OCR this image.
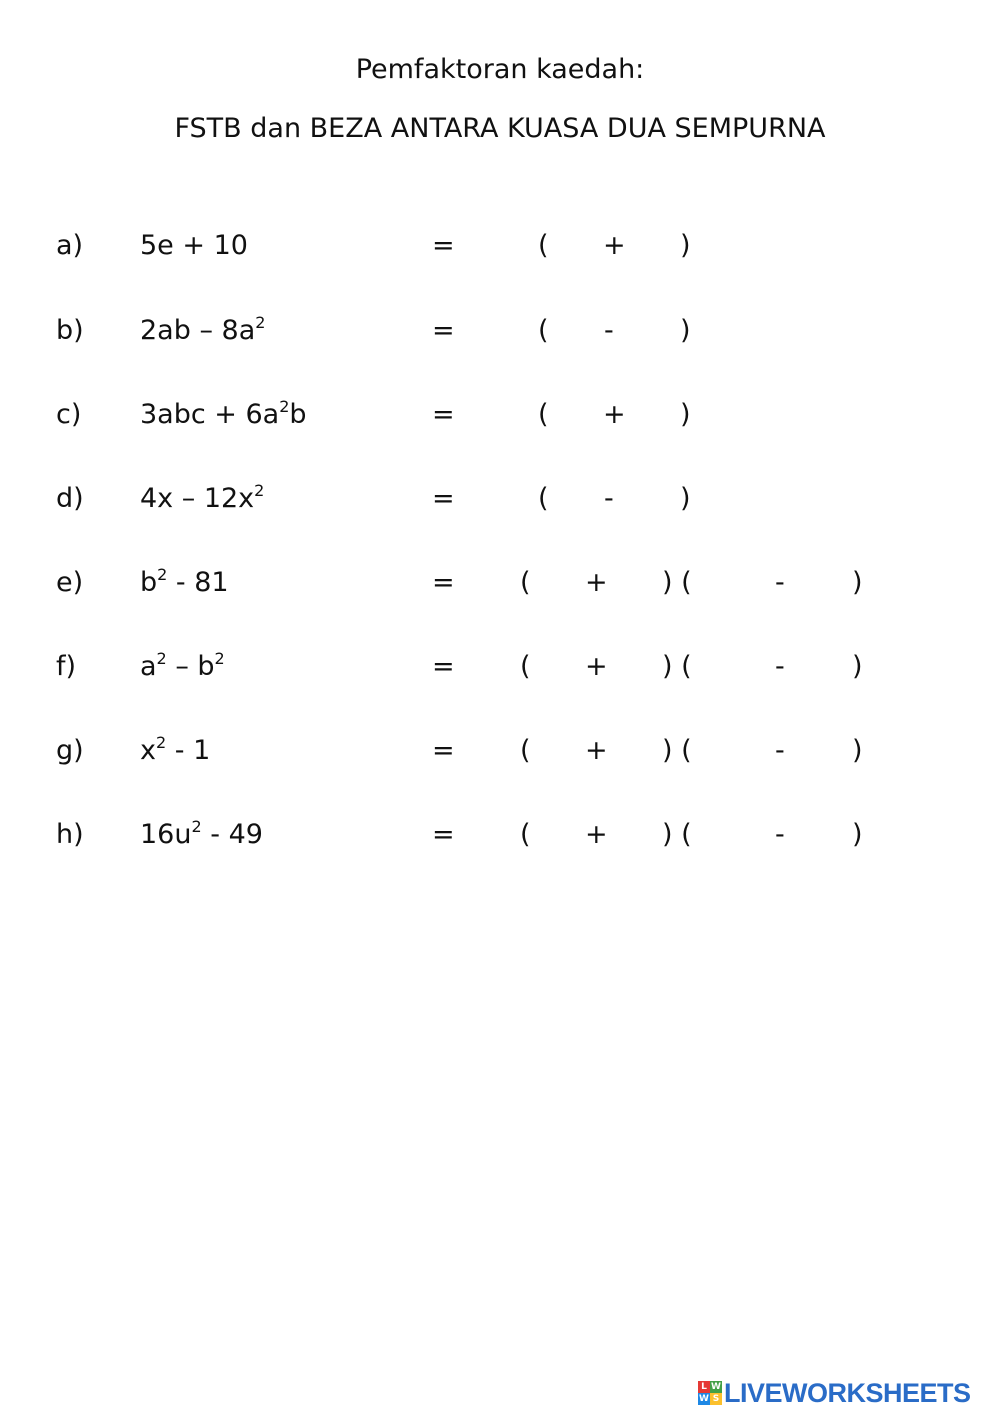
Pemfaktoran kaedah:
FSTB dan BEZA ANTARA KUASA DUA SEMPURNA
a) 5e + 10	=	( + )
b) $2ab - 8a^2$	=	( - )
c) $3abc + 6a^2b$	=	( + )
d) $4x - 12x^2$	=	( - )
e) $b^2 - 81$	= ( + ) (	- )
f) $a^2 - b^2$	= ( + ) (	- )
g) $x^2 - 1$	= ( + ) (	- )
h) $16u^2 - 49$	= ( + ) (	- )
L W
W S LIVEWORKSHEETS
